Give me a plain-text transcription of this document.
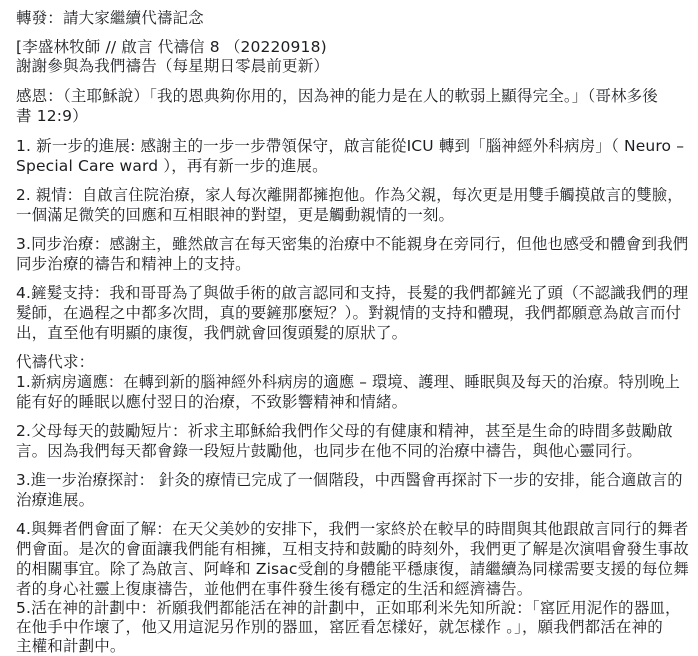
轉發：請大家繼續代禱記念
[李盛林牧師 // 啟言 代禱信 8 （20220918)
謝謝參與為我們禱告（每星期日零晨前更新）
感恩：（主耶穌說）「我的恩典夠你用的，因為神的能力是在人的軟弱上顯得完全。」（哥林多後
書 12:9）
1. 新一步的進展: 感謝主的一步一步帶領保守，啟言能從ICU 轉到「腦神經外科病房」（ Neuro –
Special Care ward ），再有新一步的進展。
2. 親情：自啟言住院治療，家人每次離開都擁抱他。作為父親，每次更是用雙手觸摸啟言的雙臉，
一個滿足微笑的回應和互相眼神的對望，更是觸動親情的一刻。
3.同步治療：感謝主，雖然啟言在每天密集的治療中不能親身在旁同行，但他也感受和體會到我們
同步治療的禱告和精神上的支持。
4.鏟髮支持：我和哥哥為了與做手術的啟言認同和支持，長髮的我們都鏟光了頭（不認識我們的理
髮師，在過程之中都多次問，真的要鏟那麼短？）。對親情的支持和體現，我們都願意為啟言而付
出，直至他有明顯的康復，我們就會回復頭髮的原狀了。
代禱代求：
1.新病房適應：在轉到新的腦神經外科病房的適應 – 環境、護理、睡眠與及每天的治療。特別晚上
能有好的睡眠以應付翌日的治療，不致影響精神和情緒。
2.父母每天的鼓勵短片：祈求主耶穌給我們作父母的有健康和精神，甚至是生命的時間多鼓勵啟
言。因為我們每天都會錄一段短片鼓勵他，也同步在他不同的治療中禱告，與他心靈同行。
3.進一步治療探討： 針灸的療情已完成了一個階段，中西醫會再探討下一步的安排，能合適啟言的
治療進展。
4.與舞者們會面了解：在天父美妙的安排下，我們一家終於在較早的時間與其他跟啟言同行的舞者
們會面。是次的會面讓我們能有相擁，互相支持和鼓勵的時刻外，我們更了解是次演唱會發生事故
的相關事宜。除了為啟言、阿峰和 Zisac受創的身體能平穩康復，請繼續為同樣需要支援的每位舞
者的身心社靈上復康禱告，並他們在事件發生後有穩定的生活和經濟禱告。
5.活在神的計劃中：祈願我們都能活在神的計劃中，正如耶利米先知所說：「窰匠用泥作的器皿，
在他手中作壞了，他又用這泥另作別的器皿，窰匠看怎樣好，就怎樣作 。」，願我們都活在神的
主權和計劃中。
